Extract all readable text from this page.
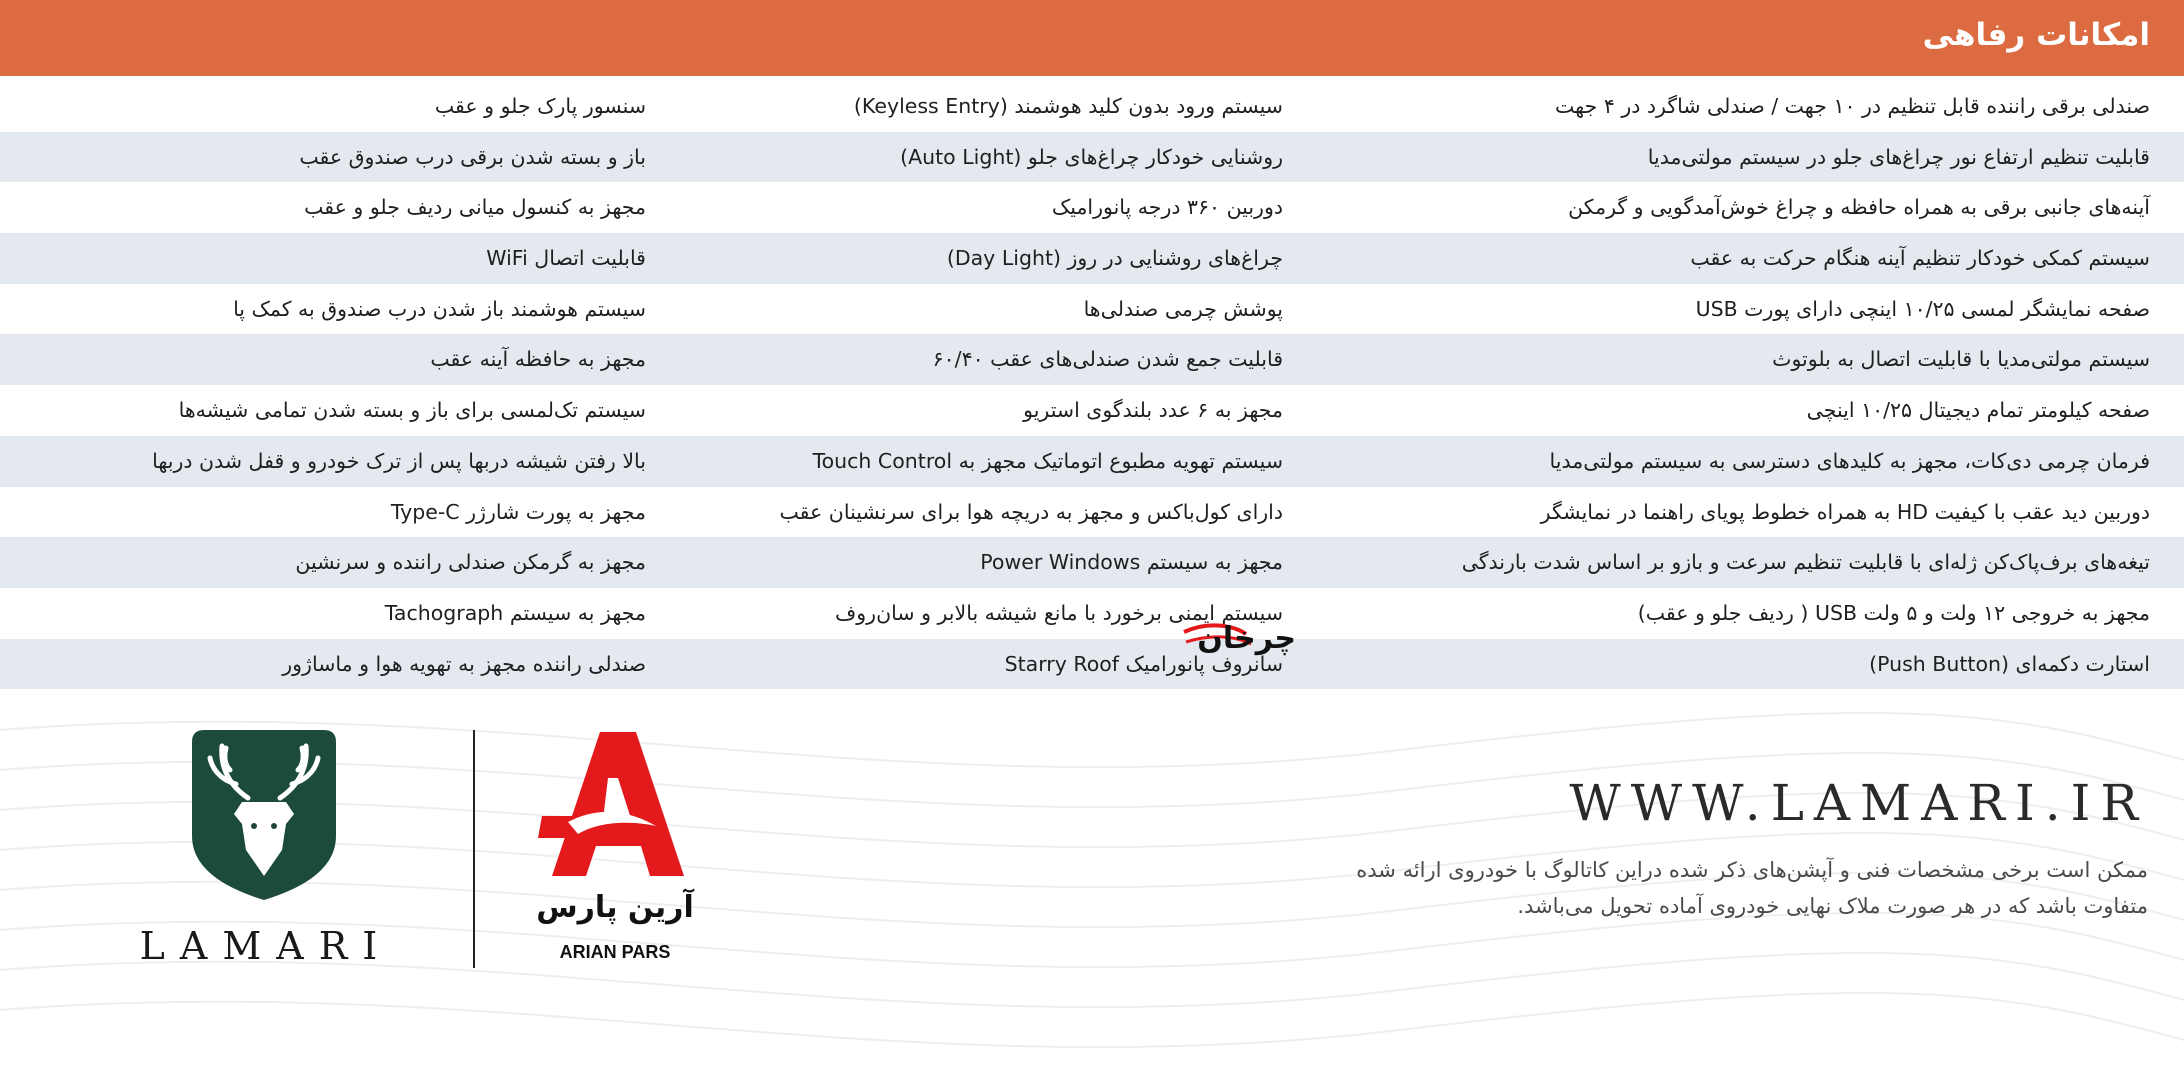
امکانات رفاهی
صندلی برقی راننده قابل تنظیم در ۱۰ جهت / صندلی شاگرد در ۴ جهت
سیستم ورود بدون کلید هوشمند (Keyless Entry)
سنسور پارک جلو و عقب
قابلیت تنظیم ارتفاع نور چراغ‌های جلو در سیستم مولتی‌مدیا
روشنایی خودکار چراغ‌های جلو (Auto Light)
باز و بسته شدن برقی درب صندوق عقب
آینه‌های جانبی برقی به همراه حافظه و چراغ خوش‌آمدگویی و گرمکن
دوربین ۳۶۰ درجه پانورامیک
مجهز به کنسول میانی ردیف جلو و عقب
سیستم کمکی خودکار تنظیم آینه هنگام حرکت به عقب
چراغ‌های روشنایی در روز (Day Light)
قابلیت اتصال WiFi
صفحه نمایشگر لمسی ۱۰/۲۵ اینچی دارای پورت USB
پوشش چرمی صندلی‌ها
سیستم هوشمند باز شدن درب صندوق به کمک پا
سیستم مولتی‌مدیا با قابلیت اتصال به بلوتوث
قابلیت جمع شدن صندلی‌های عقب ۶۰/۴۰
مجهز به حافظه آینه عقب
صفحه کیلومتر تمام دیجیتال ۱۰/۲۵ اینچی
مجهز به ۶ عدد بلندگوی استریو
سیستم تک‌لمسی برای باز و بسته شدن تمامی شیشه‌ها
فرمان چرمی دی‌کات، مجهز به کلیدهای دسترسی به سیستم مولتی‌مدیا
سیستم تهویه مطبوع اتوماتیک مجهز به Touch Control
بالا رفتن شیشه دربها پس از ترک خودرو و قفل شدن دربها
دوربین دید عقب با کیفیت HD به همراه خطوط پویای راهنما در نمایشگر
دارای کول‌باکس و مجهز به دریچه هوا برای سرنشینان عقب
مجهز به پورت شارژر Type-C
تیغه‌های برف‌پاک‌کن ژله‌ای با قابلیت تنظیم سرعت و بازو بر اساس شدت بارندگی
مجهز به سیستم Power Windows
مجهز به گرمکن صندلی راننده و سرنشین
مجهز به خروجی ۱۲ ولت و ۵ ولت USB ( ردیف جلو و عقب)
سیستم ایمنی برخورد با مانع شیشه بالابر و سان‌روف
مجهز به سیستم Tachograph
استارت دکمه‌ای (Push Button)
سانروف پانورامیک Starry Roof
صندلی راننده مجهز به تهویه هوا و ماساژور
چرخان
LAMARI
آرین پارس
ARIAN PARS
WWW.LAMARI.IR
ممکن است برخی مشخصات فنی و آپشن‌های ذکر شده دراین کاتالوگ با خودروی ارائه شده
متفاوت باشد که در هر صورت ملاک نهایی خودروی آماده تحویل می‌باشد.
